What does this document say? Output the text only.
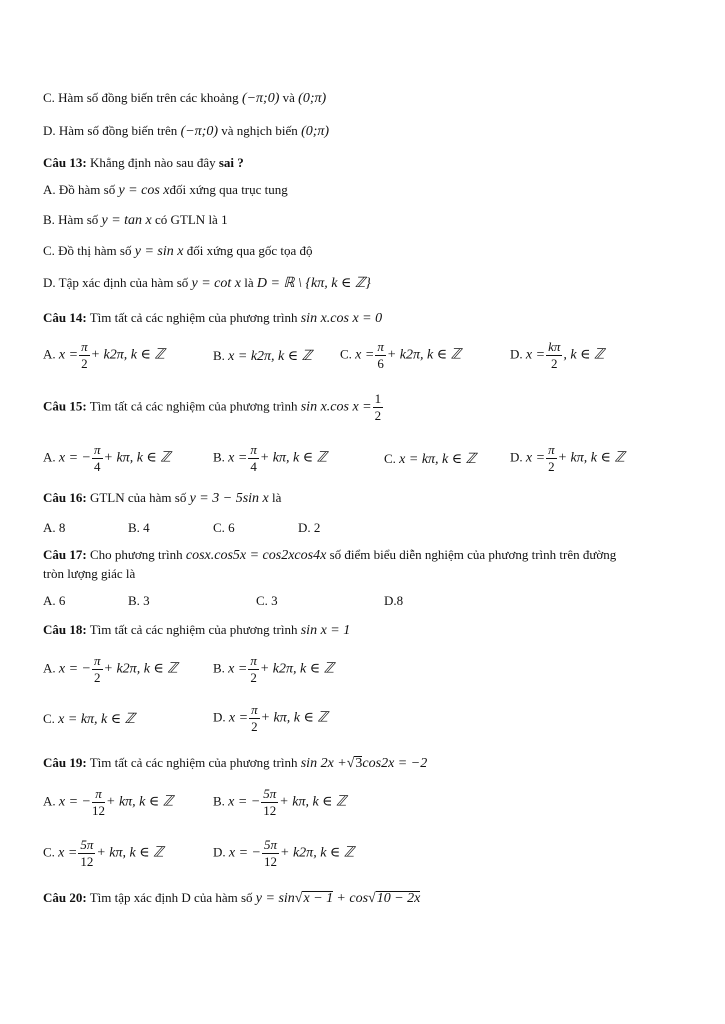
C. Hàm số đồng biến trên các khoảng (−π;0) và (0;π)
D. Hàm số đồng biến trên (−π;0) và nghịch biến (0;π)
Câu 13: Khẳng định nào sau đây sai ?
A. Đồ hàm số y = cos xđối xứng qua trục tung
B. Hàm số y = tan x có GTLN là 1
C. Đồ thị hàm số y = sin x đối xứng qua gốc tọa độ
D. Tập xác định của hàm số y = cot x là D = ℝ \ {kπ, k ∈ ℤ}
Câu 14: Tìm tất cả các nghiệm của phương trình sin x.cos x = 0
A. $x = \frac{\pi}{2} + k2\pi$, k ∈ ℤ	B. x = k2π, k ∈ ℤ C. $x = \frac{\pi}{6} + k2\pi$, k ∈ ℤ	D. $x = \frac{k\pi}{2}$ , k ∈ ℤ
Câu 15: Tìm tất cả các nghiệm của phương trình sin x.cos $x = \frac{1}{2}$
A. x = − $\frac{\pi}{4} + k\pi$, k ∈ ℤ	B. $x = \frac{\pi}{4} + k\pi$, k ∈ ℤ	C. x = kπ, k ∈ ℤ	D. $x = \frac{\pi}{2} + k\pi$, k ∈ ℤ
Câu 16: GTLN của hàm số y = 3 − 5sin x là
A. 8	B. 4	C. 6	D. 2
Câu 17: Cho phương trình cosx.cos5x = cos2xcos4x số điểm biểu diễn nghiệm của phương trình trên đường
tròn lượng giác là
A. 6	B. 3	C. 3	D.8
Câu 18: Tìm tất cả các nghiệm của phương trình sin x = 1
A. x = − $\frac{\pi}{2} + k2\pi$, k ∈ ℤ	B. $x = \frac{\pi}{2} + k2\pi$, k ∈ ℤ
C. x = kπ, k ∈ ℤ	D. $x = \frac{\pi}{2} + k\pi$, k ∈ ℤ
Câu 19: Tìm tất cả các nghiệm của phương trình sin 2x +√3cos2x = −2
A. x = − $\frac{\pi}{12} + k\pi$, k ∈ ℤ	B. x = − $\frac{5\pi}{12} + k\pi$, k ∈ ℤ
C. $x = \frac{5\pi}{12} + k\pi$, k ∈ ℤ	D. x = − $\frac{5\pi}{12} + k2\pi$, k ∈ ℤ
Câu 20: Tìm tập xác định D của hàm số y = sin√x − 1 + cos√10 − 2x
